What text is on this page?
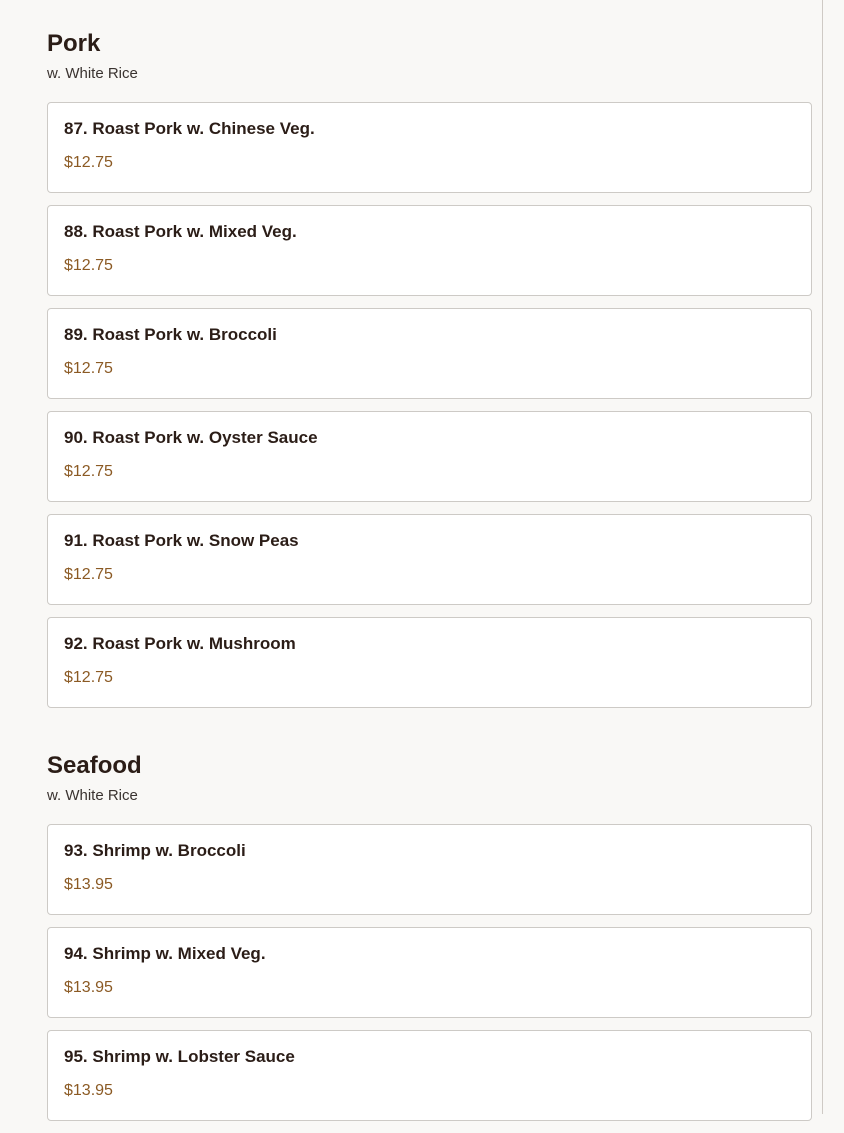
Pork

w. White Rice

87. Roast Pork w. Chinese Veg.
$12.75
88. Roast Pork w. Mixed Veg.
$12.75
89. Roast Pork w. Broccoli
$12.75
90. Roast Pork w. Oyster Sauce
$12.75
91. Roast Pork w. Snow Peas
$12.75
92. Roast Pork w. Mushroom
$12.75
Seafood

w. White Rice

93. Shrimp w. Broccoli
$13.95
94. Shrimp w. Mixed Veg.
$13.95
95. Shrimp w. Lobster Sauce
$13.95
